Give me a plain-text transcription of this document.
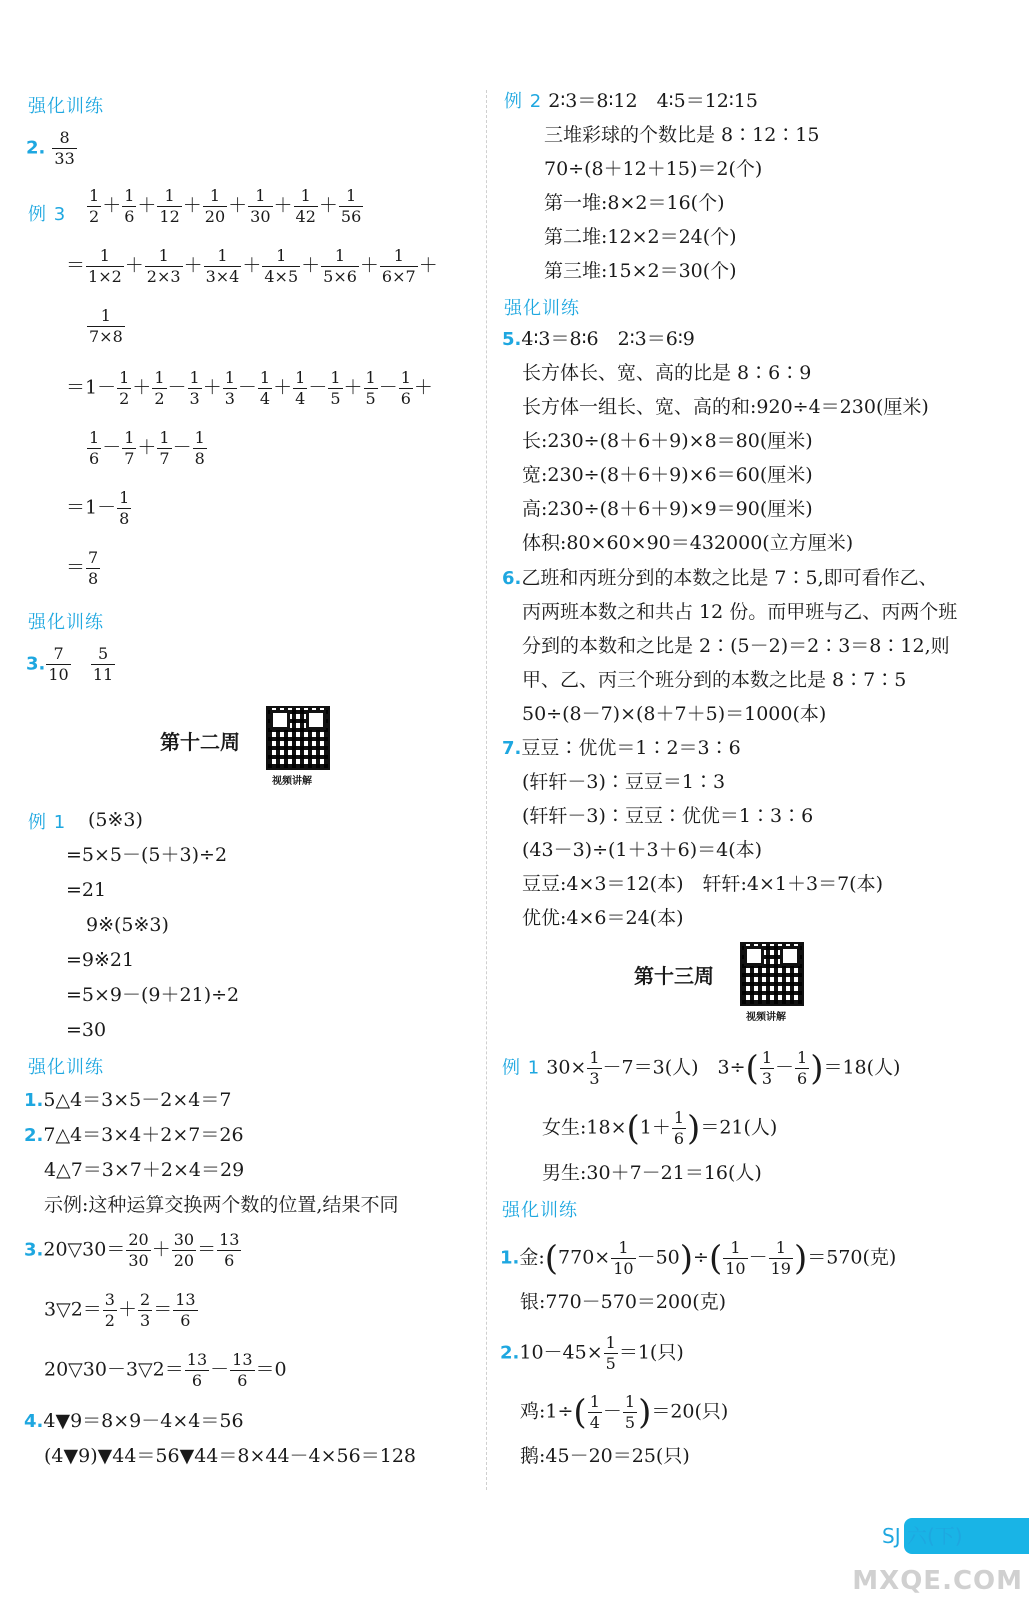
强化训练
2. $\frac{8}{33}$
例 $3 \frac{1}{2} + \frac{1}{6} + \frac{1}{12} + \frac{1}{20} + \frac{1}{30} + \frac{1}{42} + \frac{1}{56}$
＝ $\frac{1}{1\times 2} + \frac{1}{2\times 3} + \frac{1}{3\times 4} + \frac{1}{4\times 5} + \frac{1}{5\times 6} + \frac{1}{6\times 7}$ ＋
$\frac{1}{7\times 8}$
$=1- \frac{1}{2} + \frac{1}{2} - \frac{1}{3} + \frac{1}{3} - \frac{1}{4} + \frac{1}{4} - \frac{1}{5} + \frac{1}{5} - \frac{1}{6}$ ＋
$\frac{1}{6} - \frac{1}{7} + \frac{1}{7} - \frac{1}{8}$
$=1- \frac{1}{8}$
＝ $\frac{7}{8}$
强化训练
3. $\frac{7}{10}$
$\frac{5}{11}$
第十二周
视频讲解
例 1 (5※3)
=5×5－(5＋3)÷2
=21
9※(5※3)
=9※21
=5×9－(9＋21)÷2
=30
强化训练
1.5△4＝3×5－2×4＝7
2.7△4＝3×4＋2×7＝26
4△7＝3×7＋2×4＝29
示例:这种运算交换两个数的位置,结果不同
3.20▽30＝ $\frac{20}{30} + \frac{30}{20} = \frac{13}{6}$
3▽2＝ $\frac{3}{2} + \frac{2}{3} = \frac{13}{6}$
20▽30－3▽2＝ $\frac{13}{6} - \frac{13}{6} =0$
4.4▼9＝8×9－4×4＝56
(4▼9)▼44＝56▼44＝8×44－4×56＝128
例 2 2∶3＝8∶12　4∶5＝12∶15
三堆彩球的个数比是 8∶12∶15
70÷(8＋12＋15)＝2(个)
第一堆:8×2＝16(个)
第二堆:12×2＝24(个)
第三堆:15×2＝30(个)
强化训练
5.4∶3＝8∶6　2∶3＝6∶9
长方体长、宽、高的比是 8∶6∶9
长方体一组长、宽、高的和:920÷4＝230(厘米)
长:230÷(8＋6＋9)×8＝80(厘米)
宽:230÷(8＋6＋9)×6＝60(厘米)
高:230÷(8＋6＋9)×9＝90(厘米)
体积:80×60×90＝432000(立方厘米)
6.乙班和丙班分到的本数之比是 7∶5,即可看作乙、
丙两班本数之和共占 12 份。而甲班与乙、丙两个班
分到的本数和之比是 2∶(5－2)＝2∶3＝8∶12,则
甲、乙、丙三个班分到的本数之比是 8∶7∶5
50÷(8－7)×(8＋7＋5)＝1000(本)
7.豆豆∶优优＝1∶2＝3∶6
(轩轩－3)∶豆豆＝1∶3
(轩轩－3)∶豆豆∶优优＝1∶3∶6
(43－3)÷(1＋3＋6)＝4(本)
豆豆:4×3＝12(本)　轩轩:4×1＋3＝7(本)
优优:4×6＝24(本)
第十三周
视频讲解
例 1 $30\times \frac{1}{3} -7=3$(人)　$3\div( \frac{1}{3} - \frac{1}{6} )=18$(人)
女生:18×(1＋ $\frac{1}{6} )=21$(人)
男生:30＋7－21＝16(人)
强化训练
1.金:(770× $\frac{1}{10} -50)\div( \frac{1}{10} - \frac{1}{19} )=570$(克)
银:770－570＝200(克)
$2.10-45\times \frac{1}{5} =1$(只)
鸡:1÷( $\frac{1}{4} - \frac{1}{5} )=20$(只)
鹅:45－20＝25(只)
SJ 六(下)
MXQE.COM
